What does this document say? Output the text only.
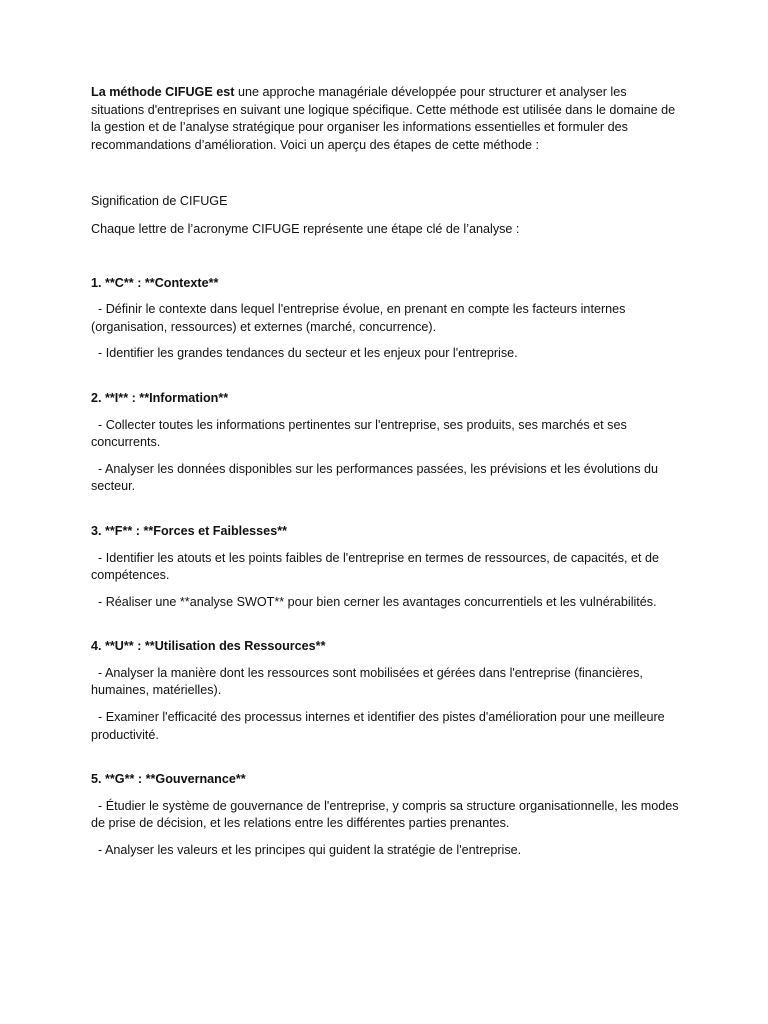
La méthode CIFUGE est une approche managériale développée pour structurer et analyser les situations d'entreprises en suivant une logique spécifique. Cette méthode est utilisée dans le domaine de la gestion et de l’analyse stratégique pour organiser les informations essentielles et formuler des recommandations d’amélioration. Voici un aperçu des étapes de cette méthode :

Signification de CIFUGE

Chaque lettre de l’acronyme CIFUGE représente une étape clé de l’analyse :

1. **C** : **Contexte**

- Définir le contexte dans lequel l'entreprise évolue, en prenant en compte les facteurs internes (organisation, ressources) et externes (marché, concurrence).

- Identifier les grandes tendances du secteur et les enjeux pour l'entreprise.

2. **I** : **Information**

- Collecter toutes les informations pertinentes sur l'entreprise, ses produits, ses marchés et ses concurrents.

- Analyser les données disponibles sur les performances passées, les prévisions et les évolutions du secteur.

3. **F** : **Forces et Faiblesses**

- Identifier les atouts et les points faibles de l'entreprise en termes de ressources, de capacités, et de compétences.

- Réaliser une **analyse SWOT** pour bien cerner les avantages concurrentiels et les vulnérabilités.

4. **U** : **Utilisation des Ressources**

- Analyser la manière dont les ressources sont mobilisées et gérées dans l'entreprise (financières, humaines, matérielles).

- Examiner l'efficacité des processus internes et identifier des pistes d'amélioration pour une meilleure productivité.

5. **G** : **Gouvernance**

- Étudier le système de gouvernance de l'entreprise, y compris sa structure organisationnelle, les modes de prise de décision, et les relations entre les différentes parties prenantes.

- Analyser les valeurs et les principes qui guident la stratégie de l'entreprise.
